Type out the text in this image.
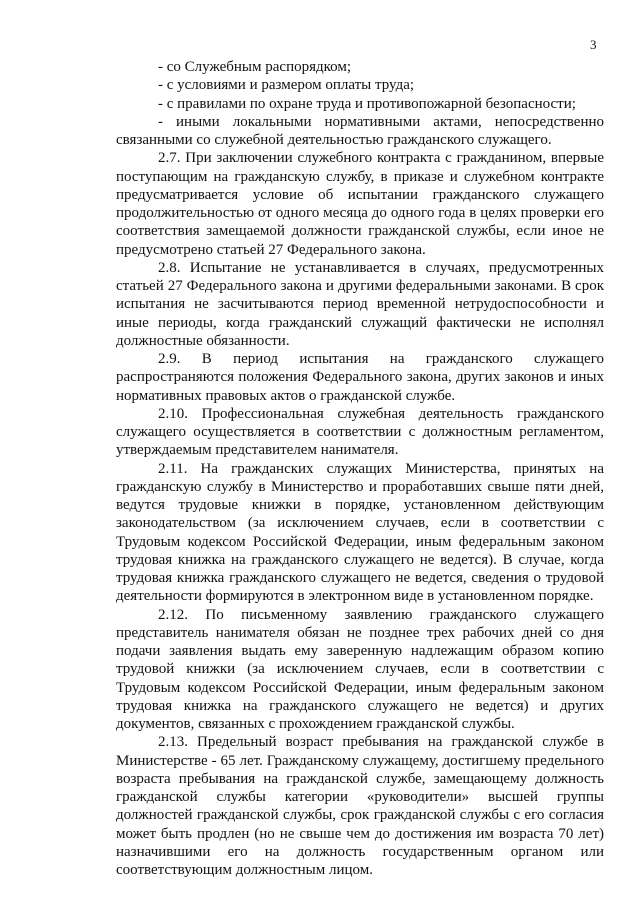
3

- со Служебным распорядком;

- с условиями и размером оплаты труда;

- с правилами по охране труда и противопожарной безопасности;

- иными локальными нормативными актами, непосредственно связанными со служебной деятельностью гражданского служащего.

2.7. При заключении служебного контракта с гражданином, впервые поступающим на гражданскую службу, в приказе и служебном контракте предусматривается условие об испытании гражданского служащего продолжительностью от одного месяца до одного года в целях проверки его соответствия замещаемой должности гражданской службы, если иное не предусмотрено статьей 27 Федерального закона.

2.8. Испытание не устанавливается в случаях, предусмотренных статьей 27 Федерального закона и другими федеральными законами. В срок испытания не засчитываются период временной нетрудоспособности и иные периоды, когда гражданский служащий фактически не исполнял должностные обязанности.

2.9. В период испытания на гражданского служащего распространяются положения Федерального закона, других законов и иных нормативных правовых актов о гражданской службе.

2.10. Профессиональная служебная деятельность гражданского служащего осуществляется в соответствии с должностным регламентом, утверждаемым представителем нанимателя.

2.11. На гражданских служащих Министерства, принятых на гражданскую службу в Министерство и проработавших свыше пяти дней, ведутся трудовые книжки в порядке, установленном действующим законодательством (за исключением случаев, если в соответствии с Трудовым кодексом Российской Федерации, иным федеральным законом трудовая книжка на гражданского служащего не ведется). В случае, когда трудовая книжка гражданского служащего не ведется, сведения о трудовой деятельности формируются в электронном виде в установленном порядке.

2.12. По письменному заявлению гражданского служащего представитель нанимателя обязан не позднее трех рабочих дней со дня подачи заявления выдать ему заверенную надлежащим образом копию трудовой книжки (за исключением случаев, если в соответствии с Трудовым кодексом Российской Федерации, иным федеральным законом трудовая книжка на гражданского служащего не ведется) и других документов, связанных с прохождением гражданской службы.

2.13. Предельный возраст пребывания на гражданской службе в Министерстве - 65 лет. Гражданскому служащему, достигшему предельного возраста пребывания на гражданской службе, замещающему должность гражданской службы категории «руководители» высшей группы должностей гражданской службы, срок гражданской службы с его согласия может быть продлен (но не свыше чем до достижения им возраста 70 лет) назначившими его на должность государственным органом или соответствующим должностным лицом.
